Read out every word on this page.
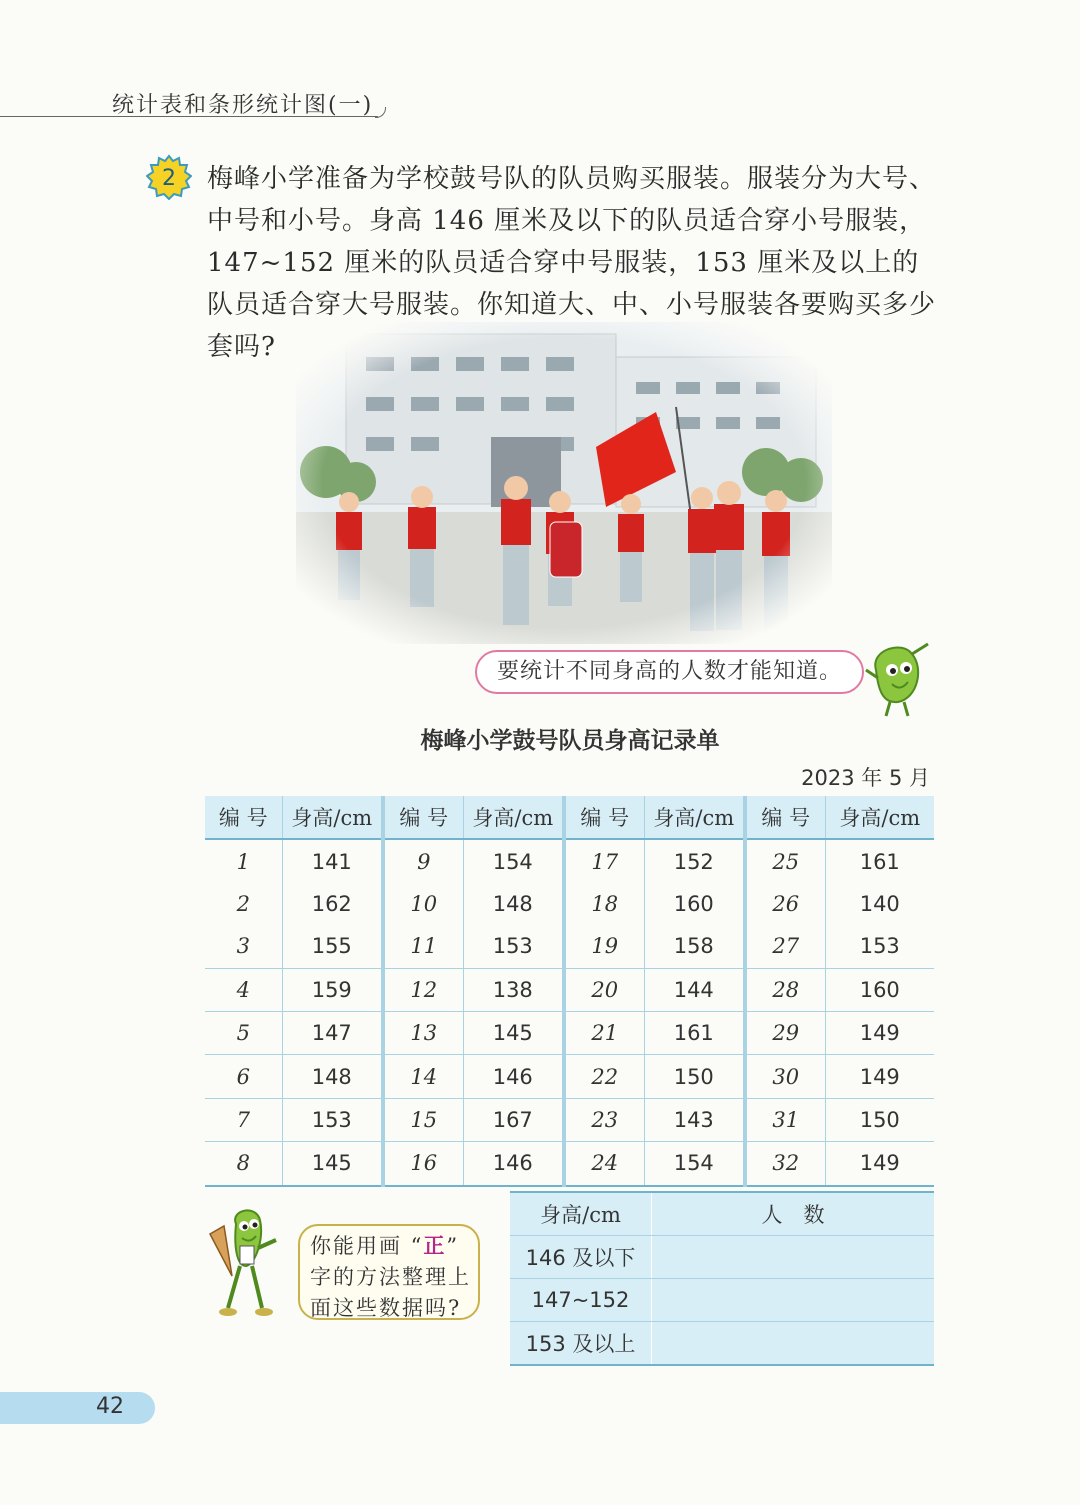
统计表和条形统计图(一)
2 梅峰小学准备为学校鼓号队的队员购买服装。服装分为大号、中号和小号。身高 146 厘米及以下的队员适合穿小号服装，147~152 厘米的队员适合穿中号服装，153 厘米及以上的队员适合穿大号服装。你知道大、中、小号服装各要购买多少套吗?
要统计不同身高的人数才能知道。
梅峰小学鼓号队员身高记录单
2023 年 5 月
编 号	身高/cm	编 号	身高/cm	编 号	身高/cm	编 号	身高/cm
1	141	9	154	17	152	25	161
2	162	10	148	18	160	26	140
3	155	11	153	19	158	27	153
4	159	12	138	20	144	28	160
5	147	13	145	21	161	29	149
6	148	14	146	22	150	30	149
7	153	15	167	23	143	31	150
8	145	16	146	24	154	32	149
你能用画 “正” 字的方法整理上面这些数据吗?
身高/cm	人　数
146 及以下	
147~152	
153 及以上	
42
